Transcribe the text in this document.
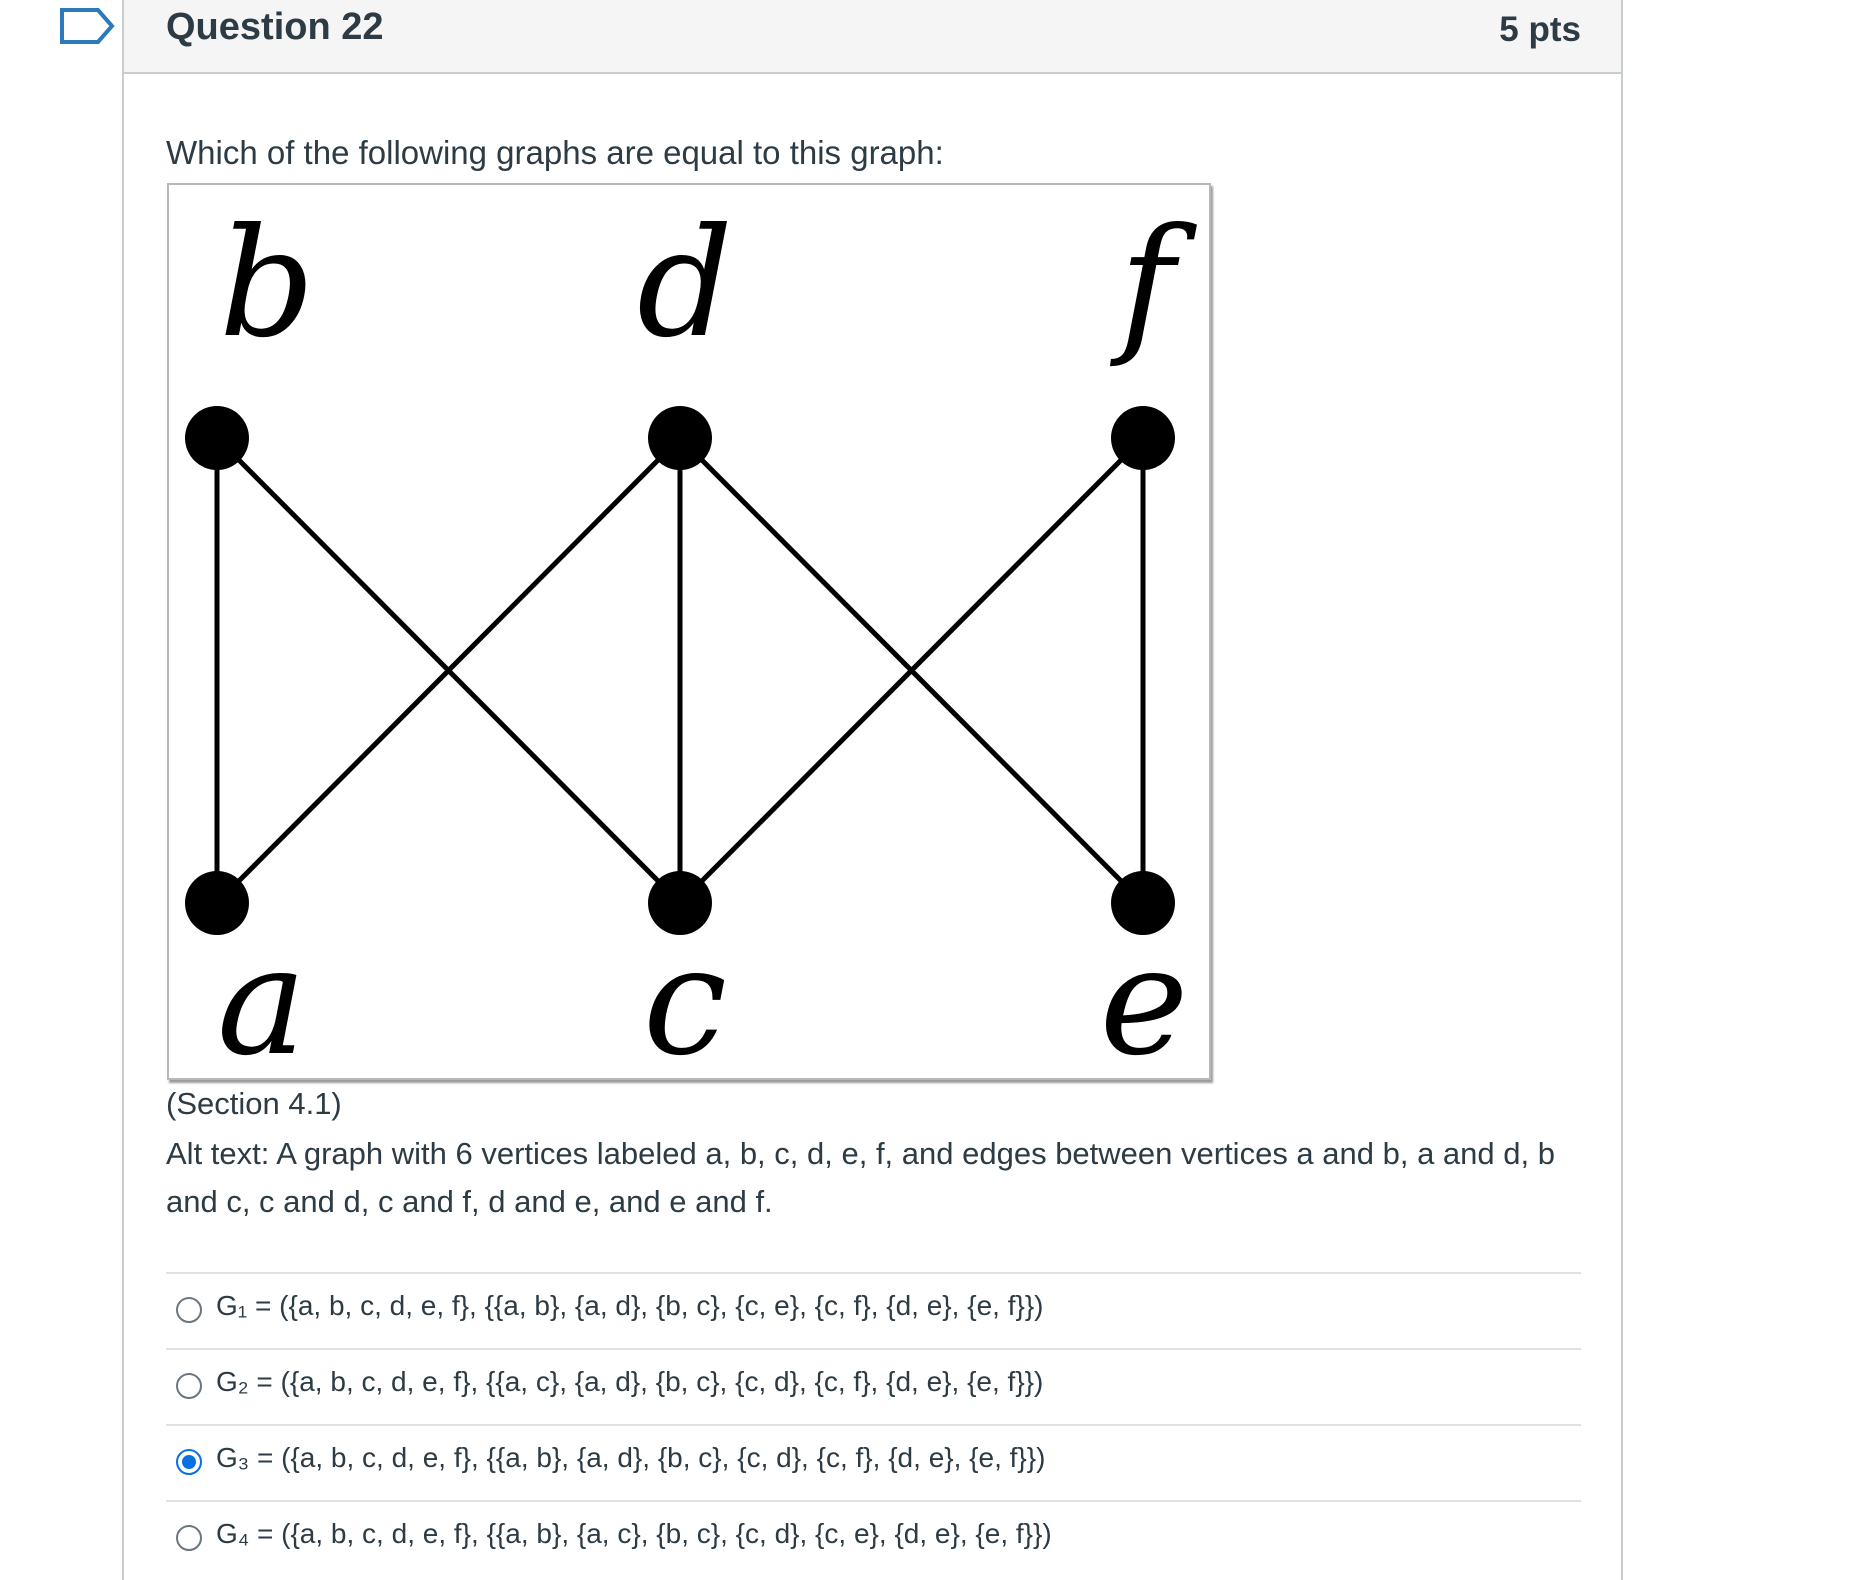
Question 22	5 pts
Which of the following graphs are equal to this graph:
b d	f
a c e
(Section 4.1)
Alt text: A graph with 6 vertices labeled a, b, c, d, e, f, and edges between vertices a and b, a and d, b and c, c and d, c and f, d and e, and e and f.
G₁ = ({a, b, c, d, e, f}, {{a, b}, {a, d}, {b, c}, {c, e}, {c, f}, {d, e}, {e, f}})
G₂ = ({a, b, c, d, e, f}, {{a, c}, {a, d}, {b, c}, {c, d}, {c, f}, {d, e}, {e, f}})
G₃ = ({a, b, c, d, e, f}, {{a, b}, {a, d}, {b, c}, {c, d}, {c, f}, {d, e}, {e, f}})
G₄ = ({a, b, c, d, e, f}, {{a, b}, {a, c}, {b, c}, {c, d}, {c, e}, {d, e}, {e, f}})
